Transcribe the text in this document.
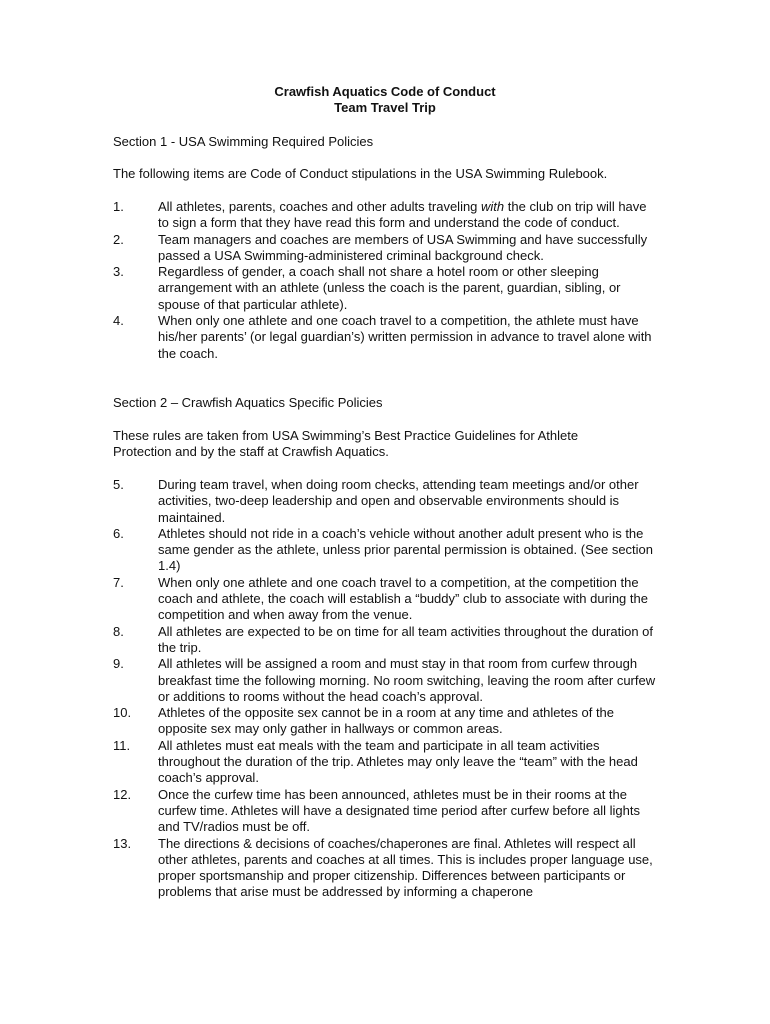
Crawfish Aquatics Code of Conduct
Team Travel Trip

Section 1 - USA Swimming Required Policies

The following items are Code of Conduct stipulations in the USA Swimming Rulebook.

1.	All athletes, parents, coaches and other adults traveling with the club on trip will have to sign a form that they have read this form and understand the code of conduct.
2.	Team managers and coaches are members of USA Swimming and have successfully passed a USA Swimming-administered criminal background check.
3.	Regardless of gender, a coach shall not share a hotel room or other sleeping arrangement with an athlete (unless the coach is the parent, guardian, sibling, or spouse of that particular athlete).
4.	When only one athlete and one coach travel to a competition, the athlete must have his/her parents’ (or legal guardian’s) written permission in advance to travel alone with the coach.

Section 2 – Crawfish Aquatics Specific Policies

These rules are taken from USA Swimming’s Best Practice Guidelines for Athlete Protection and by the staff at Crawfish Aquatics.

5.	During team travel, when doing room checks, attending team meetings and/or other activities, two-deep leadership and open and observable environments should is maintained.
6.	Athletes should not ride in a coach’s vehicle without another adult present who is the same gender as the athlete, unless prior parental permission is obtained. (See section 1.4)
7.	When only one athlete and one coach travel to a competition, at the competition the coach and athlete, the coach will establish a “buddy” club to associate with during the competition and when away from the venue.
8.	All athletes are expected to be on time for all team activities throughout the duration of the trip.
9.	All athletes will be assigned a room and must stay in that room from curfew through breakfast time the following morning. No room switching, leaving the room after curfew or additions to rooms without the head coach’s approval.
10.	Athletes of the opposite sex cannot be in a room at any time and athletes of the opposite sex may only gather in hallways or common areas.
11.	All athletes must eat meals with the team and participate in all team activities throughout the duration of the trip. Athletes may only leave the “team” with the head coach’s approval.
12.	Once the curfew time has been announced, athletes must be in their rooms at the curfew time. Athletes will have a designated time period after curfew before all lights and TV/radios must be off.
13.	The directions & decisions of coaches/chaperones are final. Athletes will respect all other athletes, parents and coaches at all times. This is includes proper language use, proper sportsmanship and proper citizenship. Differences between participants or problems that arise must be addressed by informing a chaperone
